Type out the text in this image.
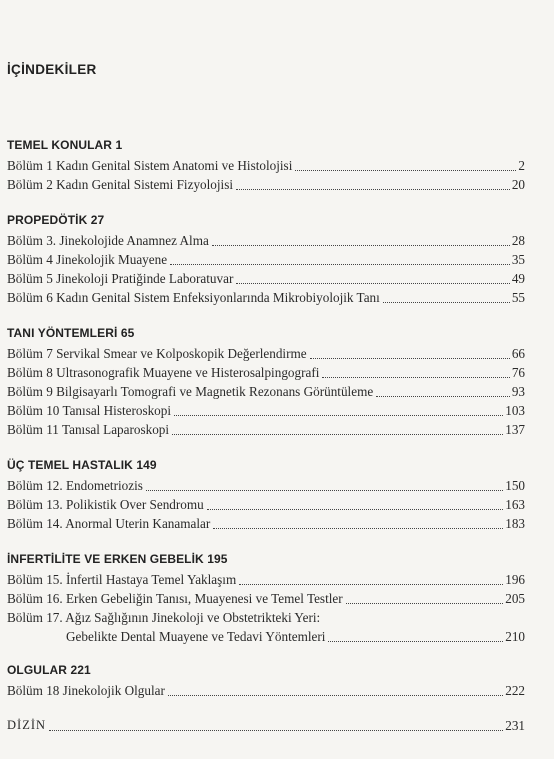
İÇİNDEKİLER
TEMEL KONULAR 1
Bölüm 1 Kadın Genital Sistem Anatomi ve Histolojisi	2
Bölüm 2 Kadın Genital Sistemi Fizyolojisi	20
PROPEDÖTİK 27
Bölüm 3. Jinekolojide Anamnez Alma	28
Bölüm 4 Jinekolojik Muayene	35
Bölüm 5 Jinekoloji Pratiğinde Laboratuvar	49
Bölüm 6 Kadın Genital Sistem Enfeksiyonlarında Mikrobiyolojik Tanı	55
TANI YÖNTEMLERİ 65
Bölüm 7 Servikal Smear ve Kolposkopik Değerlendirme	66
Bölüm 8 Ultrasonografik Muayene ve Histerosalpingografi	76
Bölüm 9 Bilgisayarlı Tomografi ve Magnetik Rezonans Görüntüleme	93
Bölüm 10 Tanısal Histeroskopi	103
Bölüm 11 Tanısal Laparoskopi	137
ÜÇ TEMEL HASTALIK 149
Bölüm 12. Endometriozis	150
Bölüm 13. Polikistik Over Sendromu	163
Bölüm 14. Anormal Uterin Kanamalar	183
İNFERTİLİTE VE ERKEN GEBELİK 195
Bölüm 15. İnfertil Hastaya Temel Yaklaşım	196
Bölüm 16. Erken Gebeliğin Tanısı, Muayenesi ve Temel Testler	205
Bölüm 17. Ağız Sağlığının Jinekoloji ve Obstetrikteki Yeri:
Gebelikte Dental Muayene ve Tedavi Yöntemleri	210
OLGULAR 221
Bölüm 18 Jinekolojik Olgular	222
DİZİN	231
